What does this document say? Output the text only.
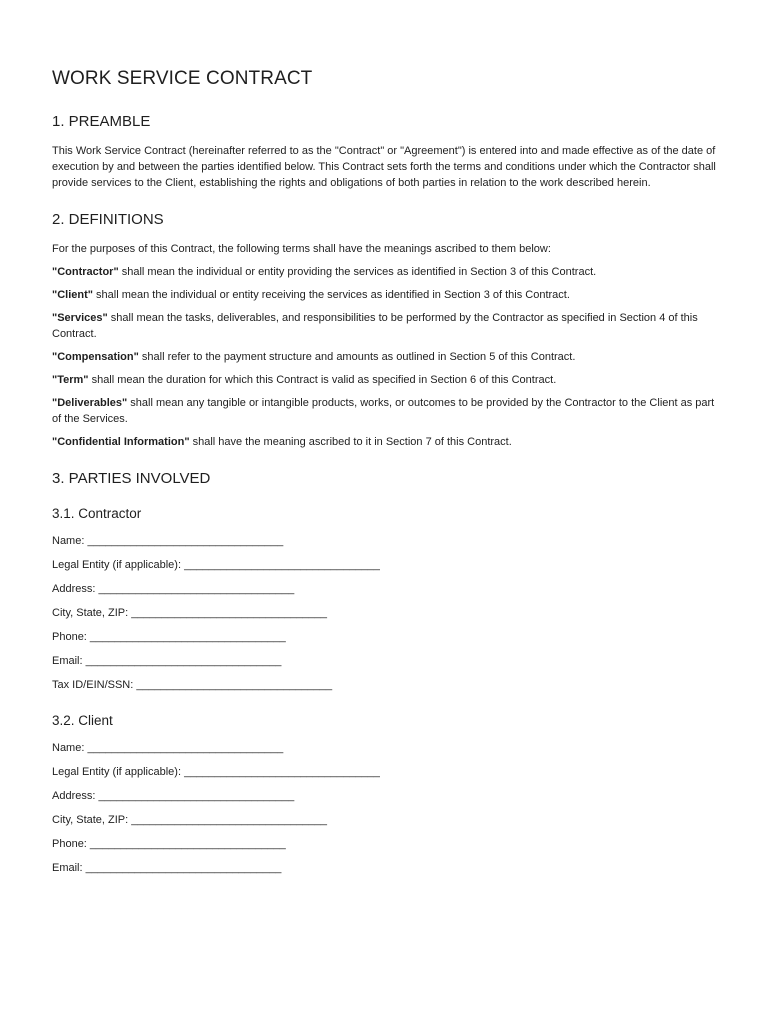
WORK SERVICE CONTRACT
1. PREAMBLE

This Work Service Contract (hereinafter referred to as the "Contract" or "Agreement") is entered into and made effective as of the date of execution by and between the parties identified below. This Contract sets forth the terms and conditions under which the Contractor shall provide services to the Client, establishing the rights and obligations of both parties in relation to the work described herein.

2. DEFINITIONS

For the purposes of this Contract, the following terms shall have the meanings ascribed to them below:

"Contractor" shall mean the individual or entity providing the services as identified in Section 3 of this Contract.

"Client" shall mean the individual or entity receiving the services as identified in Section 3 of this Contract.

"Services" shall mean the tasks, deliverables, and responsibilities to be performed by the Contractor as specified in Section 4 of this Contract.

"Compensation" shall refer to the payment structure and amounts as outlined in Section 5 of this Contract.

"Term" shall mean the duration for which this Contract is valid as specified in Section 6 of this Contract.

"Deliverables" shall mean any tangible or intangible products, works, or outcomes to be provided by the Contractor to the Client as part of the Services.

"Confidential Information" shall have the meaning ascribed to it in Section 7 of this Contract.

3. PARTIES INVOLVED
3.1. Contractor

Name: ________________________________

Legal Entity (if applicable): ________________________________

Address: ________________________________

City, State, ZIP: ________________________________

Phone: ________________________________

Email: ________________________________

Tax ID/EIN/SSN: ________________________________

3.2. Client

Name: ________________________________

Legal Entity (if applicable): ________________________________

Address: ________________________________

City, State, ZIP: ________________________________

Phone: ________________________________

Email: ________________________________
